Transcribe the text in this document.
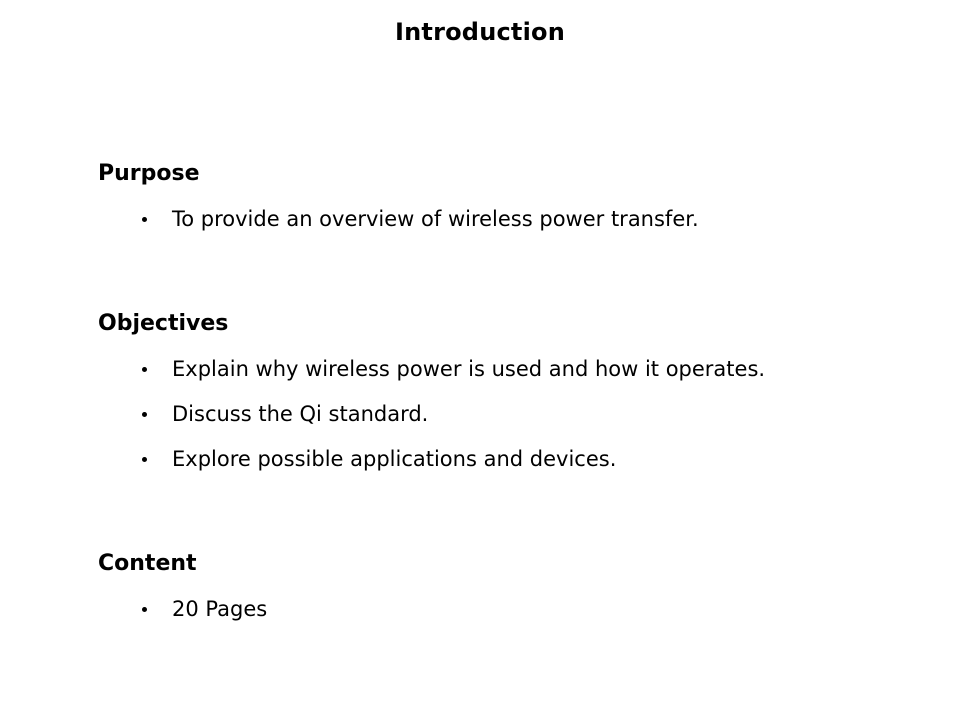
Introduction
Purpose
To provide an overview of wireless power transfer.
Objectives
Explain why wireless power is used and how it operates.
Discuss the Qi standard.
Explore possible applications and devices.
Content
20 Pages
